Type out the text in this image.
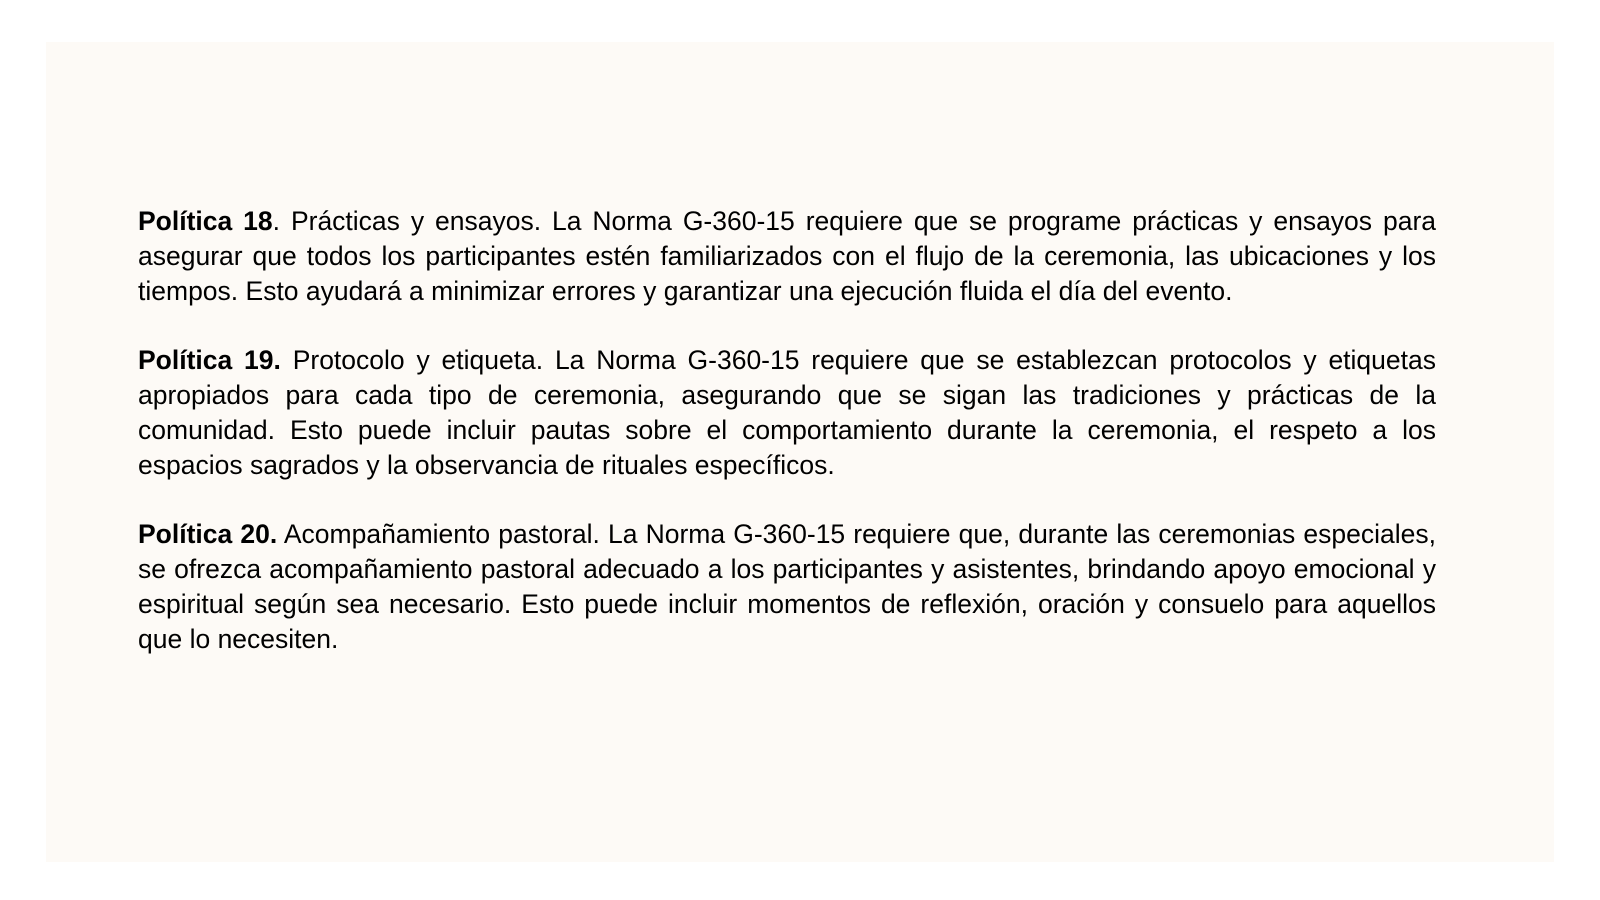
Política 18. Prácticas y ensayos. La Norma G-360-15 requiere que se programe prácticas y ensayos para asegurar que todos los participantes estén familiarizados con el flujo de la ceremonia, las ubicaciones y los tiempos. Esto ayudará a minimizar errores y garantizar una ejecución fluida el día del evento.

Política 19. Protocolo y etiqueta. La Norma G-360-15 requiere que se establezcan protocolos y etiquetas apropiados para cada tipo de ceremonia, asegurando que se sigan las tradiciones y prácticas de la comunidad. Esto puede incluir pautas sobre el comportamiento durante la ceremonia, el respeto a los espacios sagrados y la observancia de rituales específicos.

Política 20. Acompañamiento pastoral. La Norma G-360-15 requiere que, durante las ceremonias especiales, se ofrezca acompañamiento pastoral adecuado a los participantes y asistentes, brindando apoyo emocional y espiritual según sea necesario. Esto puede incluir momentos de reflexión, oración y consuelo para aquellos que lo necesiten.
